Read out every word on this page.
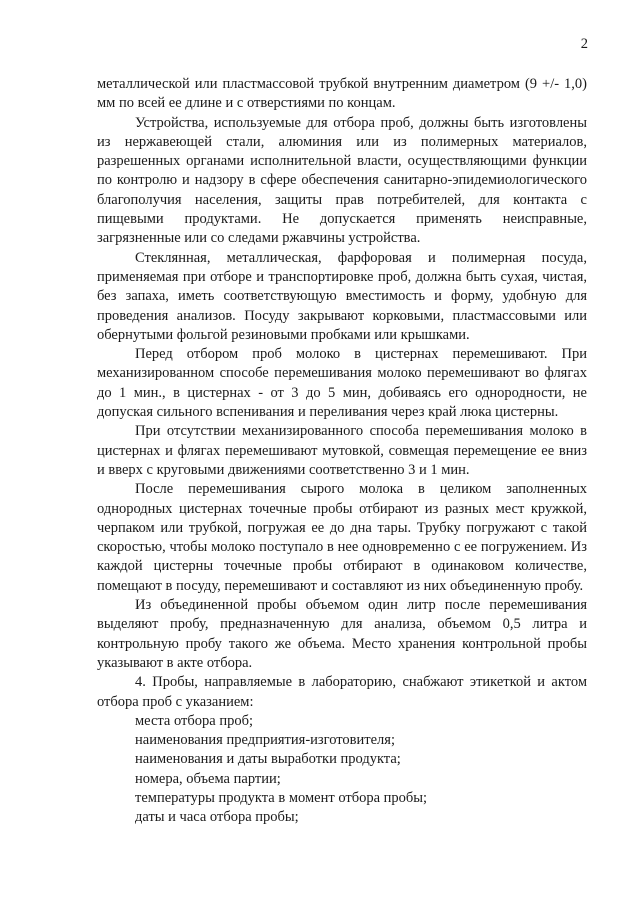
2

металлической или пластмассовой трубкой внутренним диаметром (9 +/- 1,0) мм по всей ее длине и с отверстиями по концам.

Устройства, используемые для отбора проб, должны быть изготовлены из нержавеющей стали, алюминия или из полимерных материалов, разрешенных органами исполнительной власти, осуществляющими функции по контролю и надзору в сфере обеспечения санитарно-эпидемиологического благополучия населения, защиты прав потребителей, для контакта с пищевыми продуктами. Не допускается применять неисправные, загрязненные или со следами ржавчины устройства.

Стеклянная, металлическая, фарфоровая и полимерная посуда, применяемая при отборе и транспортировке проб, должна быть сухая, чистая, без запаха, иметь соответствующую вместимость и форму, удобную для проведения анализов. Посуду закрывают корковыми, пластмассовыми или обернутыми фольгой резиновыми пробками или крышками.

Перед отбором проб молоко в цистернах перемешивают. При механизированном способе перемешивания молоко перемешивают во флягах до 1 мин., в цистернах - от 3 до 5 мин, добиваясь его однородности, не допуская сильного вспенивания и переливания через край люка цистерны.

При отсутствии механизированного способа перемешивания молоко в цистернах и флягах перемешивают мутовкой, совмещая перемещение ее вниз и вверх с круговыми движениями соответственно 3 и 1 мин.

После перемешивания сырого молока в целиком заполненных однородных цистернах точечные пробы отбирают из разных мест кружкой, черпаком или трубкой, погружая ее до дна тары. Трубку погружают с такой скоростью, чтобы молоко поступало в нее одновременно с ее погружением. Из каждой цистерны точечные пробы отбирают в одинаковом количестве, помещают в посуду, перемешивают и составляют из них объединенную пробу.

Из объединенной пробы объемом один литр после перемешивания выделяют пробу, предназначенную для анализа, объемом 0,5 литра и контрольную пробу такого же объема. Место хранения контрольной пробы указывают в акте отбора.

4. Пробы, направляемые в лабораторию, снабжают этикеткой и актом отбора проб с указанием:

места отбора проб;
наименования предприятия-изготовителя;
наименования и даты выработки продукта;
номера, объема партии;
температуры продукта в момент отбора пробы;
даты и часа отбора пробы;
